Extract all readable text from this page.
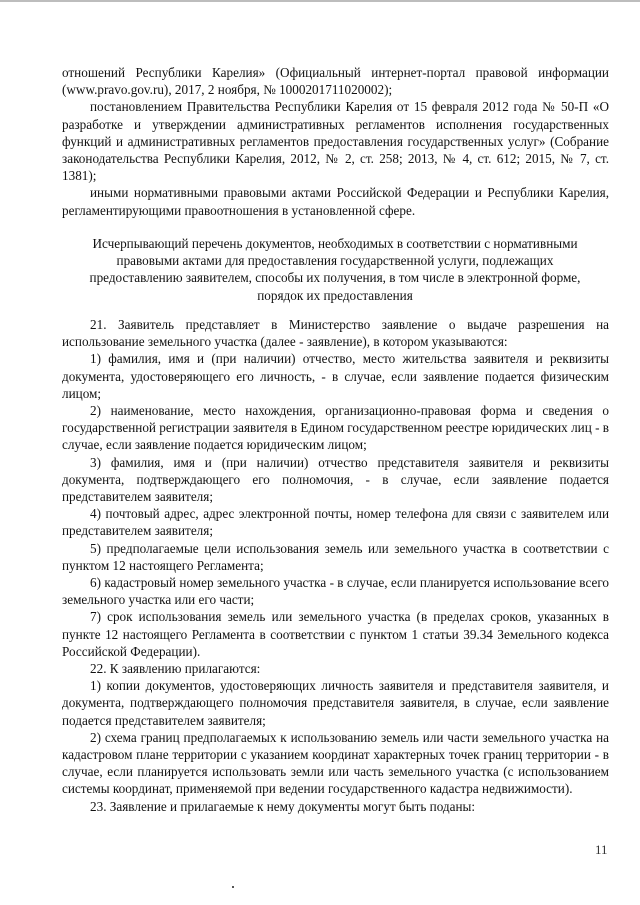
отношений Республики Карелия» (Официальный интернет-портал правовой информации (www.pravo.gov.ru), 2017, 2 ноября, № 1000201711020002);

постановлением Правительства Республики Карелия от 15 февраля 2012 года № 50-П «О разработке и утверждении административных регламентов исполнения государственных функций и административных регламентов предоставления государственных услуг» (Собрание законодательства Республики Карелия, 2012, № 2, ст. 258; 2013, № 4, ст. 612; 2015, № 7, ст. 1381);

иными нормативными правовыми актами Российской Федерации и Республики Карелия, регламентирующими правоотношения в установленной сфере.

Исчерпывающий перечень документов, необходимых в соответствии с нормативными правовыми актами для предоставления государственной услуги, подлежащих предоставлению заявителем, способы их получения, в том числе в электронной форме, порядок их предоставления

21. Заявитель представляет в Министерство заявление о выдаче разрешения на использование земельного участка (далее - заявление), в котором указываются:

1) фамилия, имя и (при наличии) отчество, место жительства заявителя и реквизиты документа, удостоверяющего его личность, - в случае, если заявление подается физическим лицом;

2) наименование, место нахождения, организационно-правовая форма и сведения о государственной регистрации заявителя в Едином государственном реестре юридических лиц - в случае, если заявление подается юридическим лицом;

3) фамилия, имя и (при наличии) отчество представителя заявителя и реквизиты документа, подтверждающего его полномочия, - в случае, если заявление подается представителем заявителя;

4) почтовый адрес, адрес электронной почты, номер телефона для связи с заявителем или представителем заявителя;

5) предполагаемые цели использования земель или земельного участка в соответствии с пунктом 12 настоящего Регламента;

6) кадастровый номер земельного участка - в случае, если планируется использование всего земельного участка или его части;

7) срок использования земель или земельного участка (в пределах сроков, указанных в пункте 12 настоящего Регламента в соответствии с пунктом 1 статьи 39.34 Земельного кодекса Российской Федерации).

22. К заявлению прилагаются:

1) копии документов, удостоверяющих личность заявителя и представителя заявителя, и документа, подтверждающего полномочия представителя заявителя, в случае, если заявление подается представителем заявителя;

2) схема границ предполагаемых к использованию земель или части земельного участка на кадастровом плане территории с указанием координат характерных точек границ территории - в случае, если планируется использовать земли или часть земельного участка (с использованием системы координат, применяемой при ведении государственного кадастра недвижимости).

23. Заявление и прилагаемые к нему документы могут быть поданы:

11
